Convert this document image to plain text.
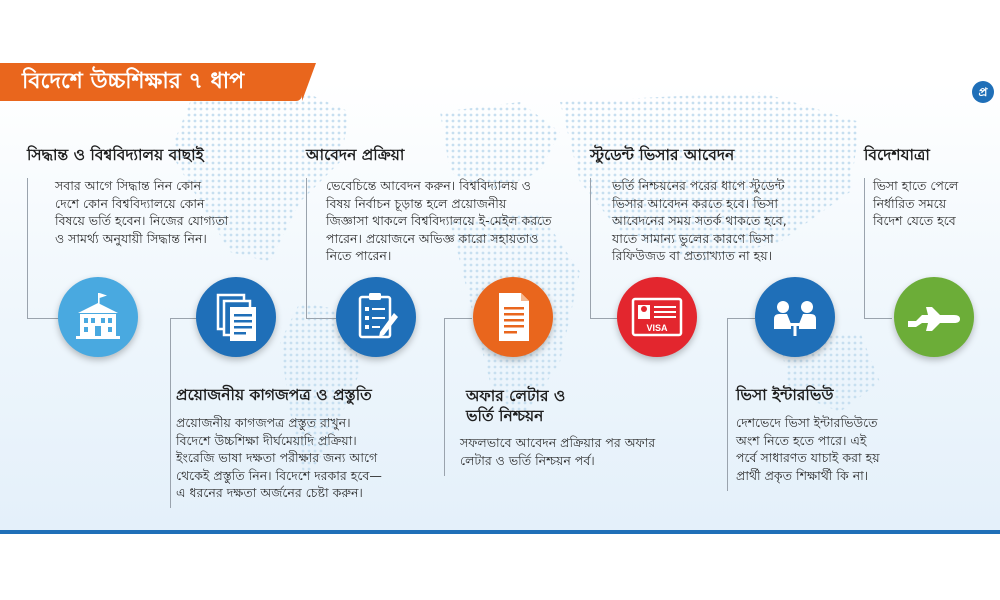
বিদেশে উচ্চশিক্ষার ৭ ধাপ	প্র
সিদ্ধান্ত ও বিশ্ববিদ্যালয় বাছাই
সবার আগে সিদ্ধান্ত নিন কোন
দেশে কোন বিশ্ববিদ্যালয়ে কোন
বিষয়ে ভর্তি হবেন। নিজের যোগ্যতা
ও সামর্থ্য অনুযায়ী সিদ্ধান্ত নিন।
প্রয়োজনীয় কাগজপত্র ও প্রস্তুতি
প্রয়োজনীয় কাগজপত্র প্রস্তুত রাখুন।
বিদেশে উচ্চশিক্ষা দীর্ঘমেয়াদি প্রক্রিয়া।
ইংরেজি ভাষা দক্ষতা পরীক্ষার জন্য আগে
থেকেই প্রস্তুতি নিন। বিদেশে দরকার হবে—
এ ধরনের দক্ষতা অর্জনের চেষ্টা করুন।
আবেদন প্রক্রিয়া
ভেবেচিন্তে আবেদন করুন। বিশ্ববিদ্যালয় ও
বিষয় নির্বাচন চূড়ান্ত হলে প্রয়োজনীয়
জিজ্ঞাসা থাকলে বিশ্ববিদ্যালয়ে ই-মেইল করতে
পারেন। প্রয়োজনে অভিজ্ঞ কারো সহায়তাও
নিতে পারেন।
অফার লেটার ও
ভর্তি নিশ্চয়ন
সফলভাবে আবেদন প্রক্রিয়ার পর অফার
লেটার ও ভর্তি নিশ্চয়ন পর্ব।
স্টুডেন্ট ভিসার আবেদন
ভর্তি নিশ্চয়নের পরের ধাপে স্টুডেন্ট
ভিসার আবেদন করতে হবে। ভিসা
আবেদনের সময় সতর্ক থাকতে হবে,
যাতে সামান্য ভুলের কারণে ভিসা
রিফিউজড বা প্রত্যাখ্যাত না হয়।
VISA
ভিসা ইন্টারভিউ
দেশভেদে ভিসা ইন্টারভিউতে
অংশ নিতে হতে পারে। এই
পর্বে সাধারণত যাচাই করা হয়
প্রার্থী প্রকৃত শিক্ষার্থী কি না।
বিদেশযাত্রা
ভিসা হাতে পেলে
নির্ধারিত সময়ে
বিদেশ যেতে হবে
